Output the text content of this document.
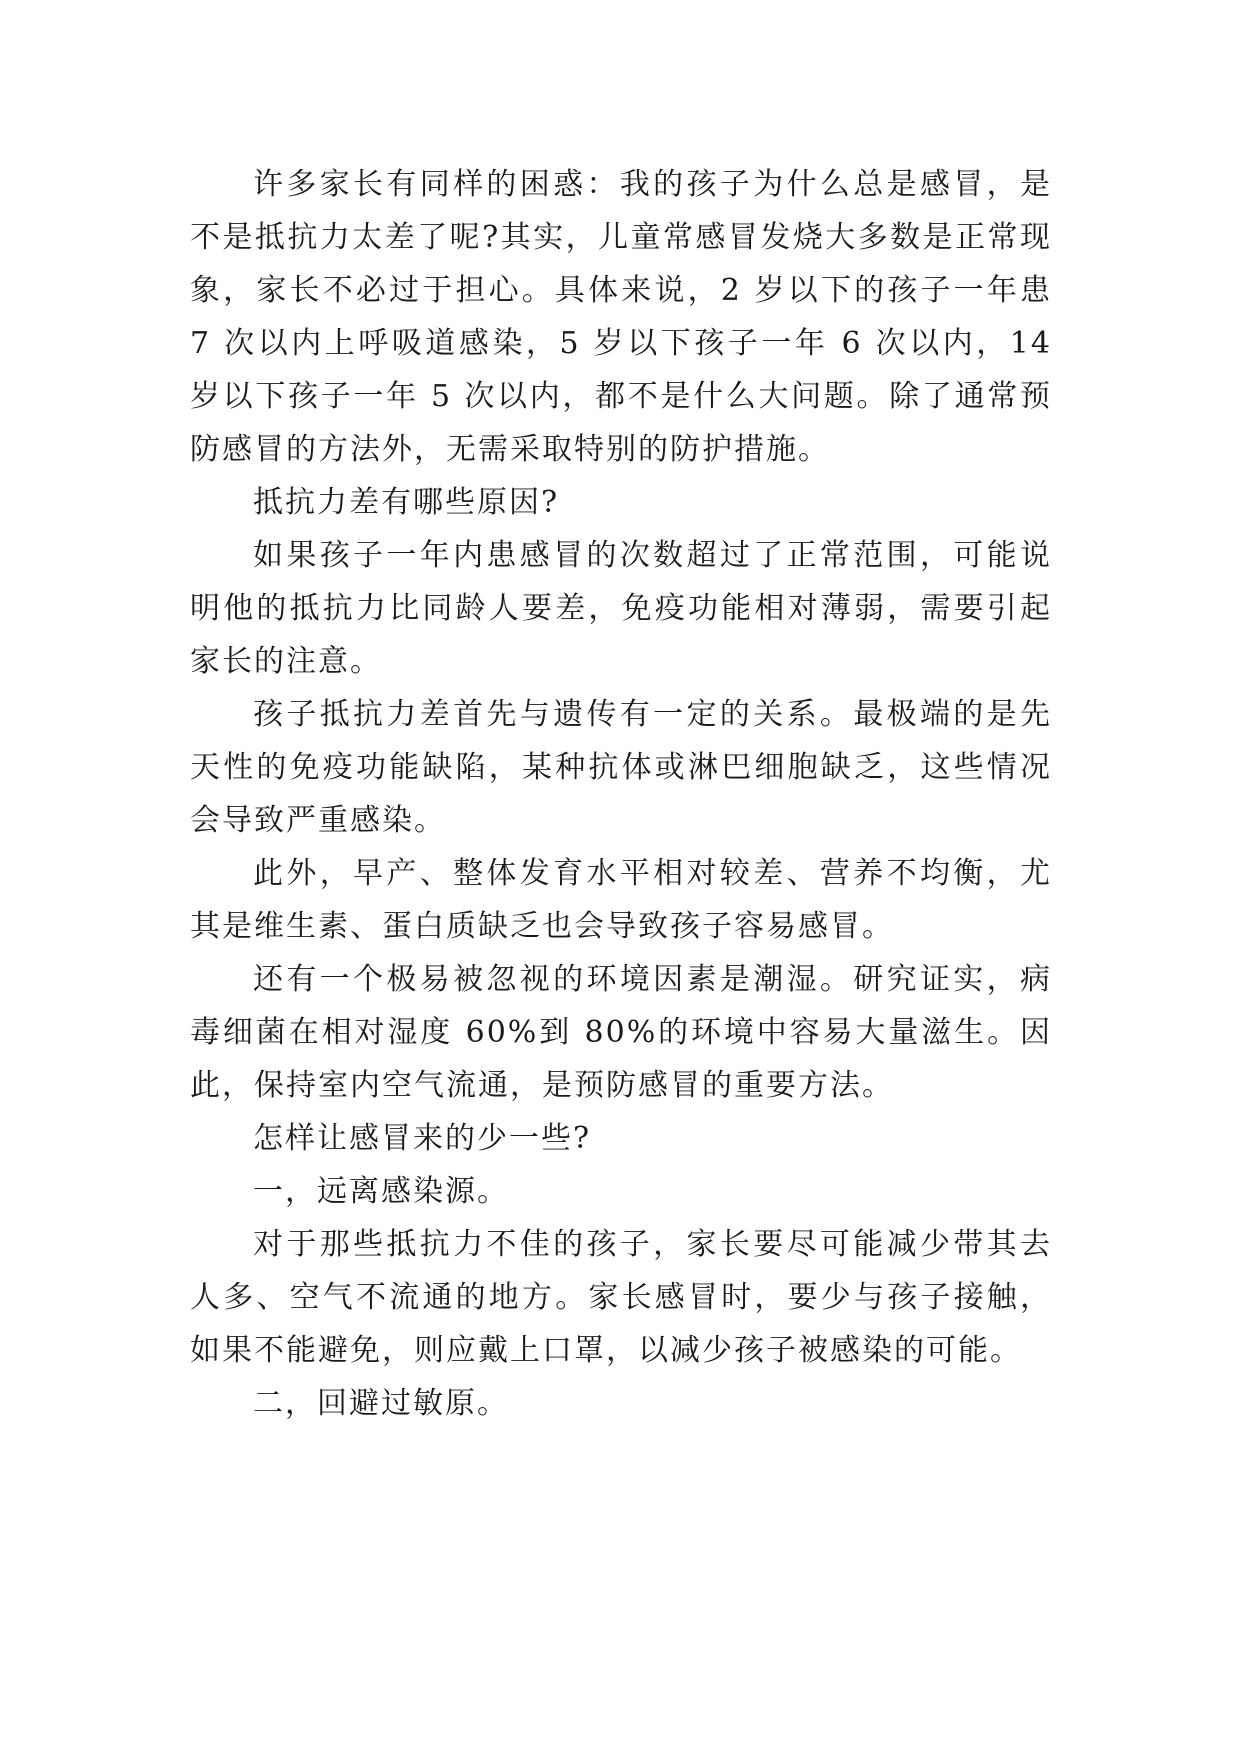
许多家长有同样的困惑：我的孩子为什么总是感冒，是不是抵抗力太差了呢?其实，儿童常感冒发烧大多数是正常现象，家长不必过于担心。具体来说，2 岁以下的孩子一年患 7 次以内上呼吸道感染，5 岁以下孩子一年 6 次以内，14 岁以下孩子一年 5 次以内，都不是什么大问题。除了通常预防感冒的方法外，无需采取特别的防护措施。

抵抗力差有哪些原因?

如果孩子一年内患感冒的次数超过了正常范围，可能说明他的抵抗力比同龄人要差，免疫功能相对薄弱，需要引起家长的注意。

孩子抵抗力差首先与遗传有一定的关系。最极端的是先天性的免疫功能缺陷，某种抗体或淋巴细胞缺乏，这些情况会导致严重感染。

此外，早产、整体发育水平相对较差、营养不均衡，尤其是维生素、蛋白质缺乏也会导致孩子容易感冒。

还有一个极易被忽视的环境因素是潮湿。研究证实，病毒细菌在相对湿度 60%到 80%的环境中容易大量滋生。因此，保持室内空气流通，是预防感冒的重要方法。

怎样让感冒来的少一些?

一，远离感染源。

对于那些抵抗力不佳的孩子，家长要尽可能减少带其去人多、空气不流通的地方。家长感冒时，要少与孩子接触，如果不能避免，则应戴上口罩，以减少孩子被感染的可能。

二，回避过敏原。
